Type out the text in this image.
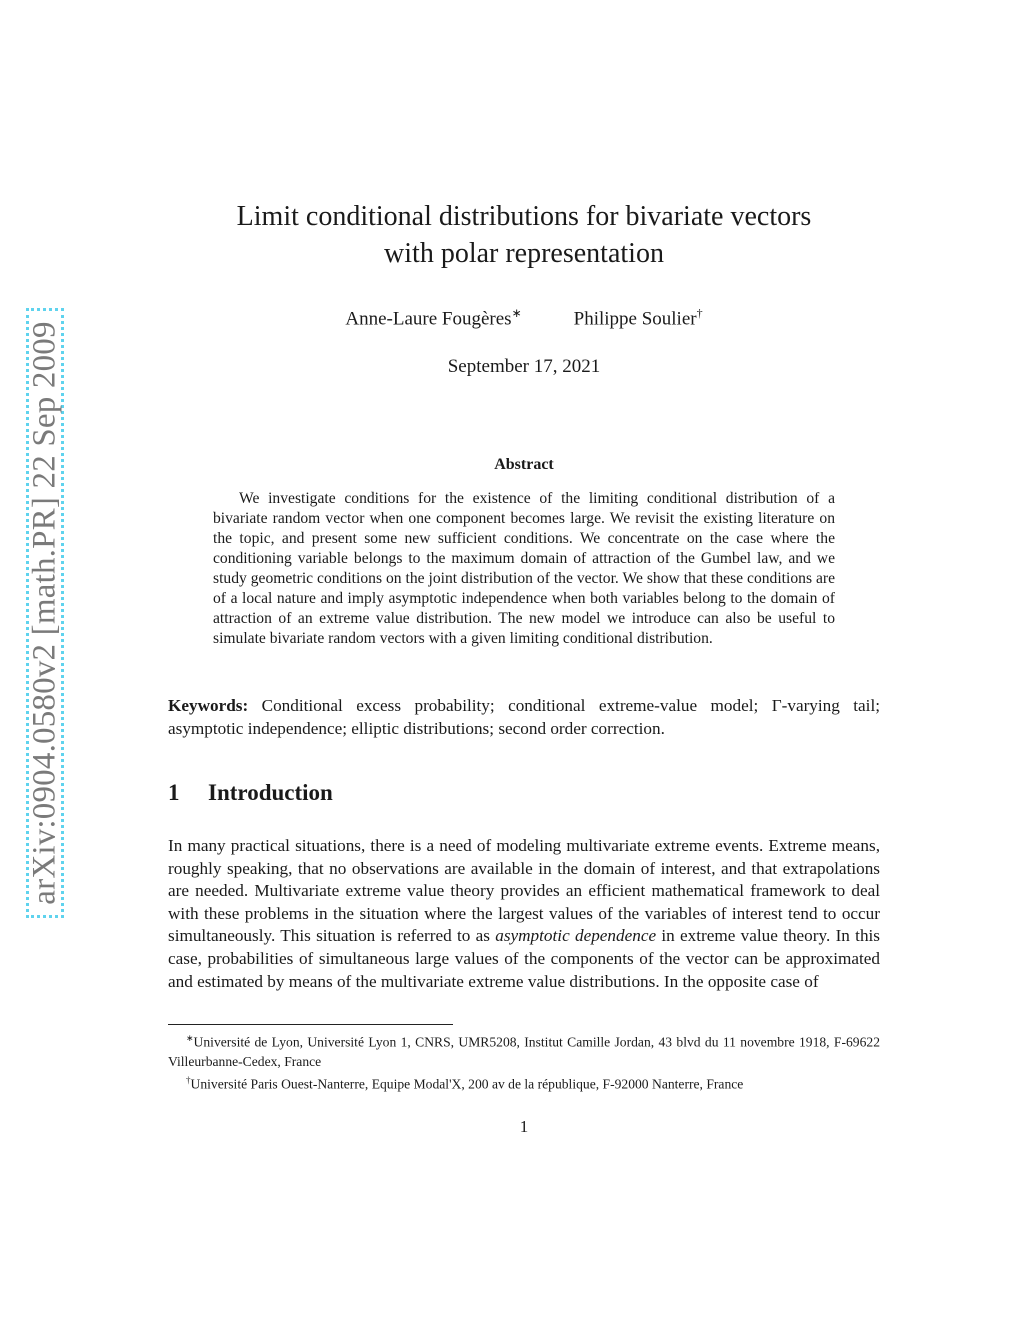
arXiv:0904.0580v2 [math.PR] 22 Sep 2009
Limit conditional distributions for bivariate vectors
with polar representation
Anne-Laure Fougères∗	Philippe Soulier†
September 17, 2021
Abstract
We investigate conditions for the existence of the limiting conditional distribution of a bivariate random vector when one component becomes large. We revisit the existing literature on the topic, and present some new sufficient conditions. We concentrate on the case where the conditioning variable belongs to the maximum domain of attraction of the Gumbel law, and we study geometric conditions on the joint distribution of the vector. We show that these conditions are of a local nature and imply asymptotic independence when both variables belong to the domain of attraction of an extreme value distribution. The new model we introduce can also be useful to simulate bivariate random vectors with a given limiting conditional distribution.
Keywords: Conditional excess probability; conditional extreme-value model; Γ-varying tail; asymptotic independence; elliptic distributions; second order correction.
1 Introduction
In many practical situations, there is a need of modeling multivariate extreme events. Extreme means, roughly speaking, that no observations are available in the domain of interest, and that extrapolations are needed. Multivariate extreme value theory provides an efficient mathematical framework to deal with these problems in the situation where the largest values of the variables of interest tend to occur simultaneously. This situation is referred to as asymptotic dependence in extreme value theory. In this case, probabilities of simultaneous large values of the components of the vector can be approximated and estimated by means of the multivariate extreme value distributions. In the opposite case of

∗Université de Lyon, Université Lyon 1, CNRS, UMR5208, Institut Camille Jordan, 43 blvd du 11 novembre 1918, F-69622 Villeurbanne-Cedex, France

†Université Paris Ouest-Nanterre, Equipe Modal'X, 200 av de la république, F-92000 Nanterre, France

1
